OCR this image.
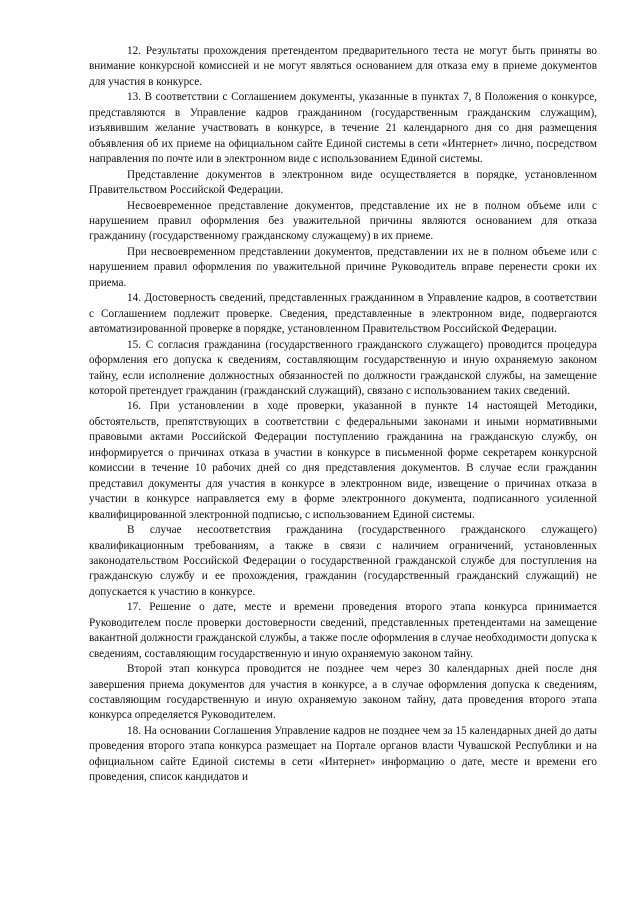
12. Результаты прохождения претендентом предварительного теста не могут быть приняты во внимание конкурсной комиссией и не могут являться основанием для отказа ему в приеме документов для участия в конкурсе.

13. В соответствии с Соглашением документы, указанные в пунктах 7, 8 Положения о конкурсе, представляются в Управление кадров гражданином (государственным гражданским служащим), изъявившим желание участвовать в конкурсе, в течение 21 календарного дня со дня размещения объявления об их приеме на официальном сайте Единой системы в сети «Интернет» лично, посредством направления по почте или в электронном виде с использованием Единой системы.

Представление документов в электронном виде осуществляется в порядке, установленном Правительством Российской Федерации.

Несвоевременное представление документов, представление их не в полном объеме или с нарушением правил оформления без уважительной причины являются основанием для отказа гражданину (государственному гражданскому служащему) в их приеме.

При несвоевременном представлении документов, представлении их не в полном объеме или с нарушением правил оформления по уважительной причине Руководитель вправе перенести сроки их приема.

14. Достоверность сведений, представленных гражданином в Управление кадров, в соответствии с Соглашением подлежит проверке. Сведения, представленные в электронном виде, подвергаются автоматизированной проверке в порядке, установленном Правительством Российской Федерации.

15. С согласия гражданина (государственного гражданского служащего) проводится процедура оформления его допуска к сведениям, составляющим государственную и иную охраняемую законом тайну, если исполнение должностных обязанностей по должности гражданской службы, на замещение которой претендует гражданин (гражданский служащий), связано с использованием таких сведений.

16. При установлении в ходе проверки, указанной в пункте 14 настоящей Методики, обстоятельств, препятствующих в соответствии с федеральными законами и иными нормативными правовыми актами Российской Федерации поступлению гражданина на гражданскую службу, он информируется о причинах отказа в участии в конкурсе в письменной форме секретарем конкурсной комиссии в течение 10 рабочих дней со дня представления документов. В случае если гражданин представил документы для участия в конкурсе в электронном виде, извещение о причинах отказа в участии в конкурсе направляется ему в форме электронного документа, подписанного усиленной квалифицированной электронной подписью, с использованием Единой системы.

В случае несоответствия гражданина (государственного гражданского служащего) квалификационным требованиям, а также в связи с наличием ограничений, установленных законодательством Российской Федерации о государственной гражданской службе для поступления на гражданскую службу и ее прохождения, гражданин (государственный гражданский служащий) не допускается к участию в конкурсе.

17. Решение о дате, месте и времени проведения второго этапа конкурса принимается Руководителем после проверки достоверности сведений, представленных претендентами на замещение вакантной должности гражданской службы, а также после оформления в случае необходимости допуска к сведениям, составляющим государственную и иную охраняемую законом тайну.

Второй этап конкурса проводится не позднее чем через 30 календарных дней после дня завершения приема документов для участия в конкурсе, а в случае оформления допуска к сведениям, составляющим государственную и иную охраняемую законом тайну, дата проведения второго этапа конкурса определяется Руководителем.

18. На основании Соглашения Управление кадров не позднее чем за 15 календарных дней до даты проведения второго этапа конкурса размещает на Портале органов власти Чувашской Республики и на официальном сайте Единой системы в сети «Интернет» информацию о дате, месте и времени его проведения, список кандидатов и
